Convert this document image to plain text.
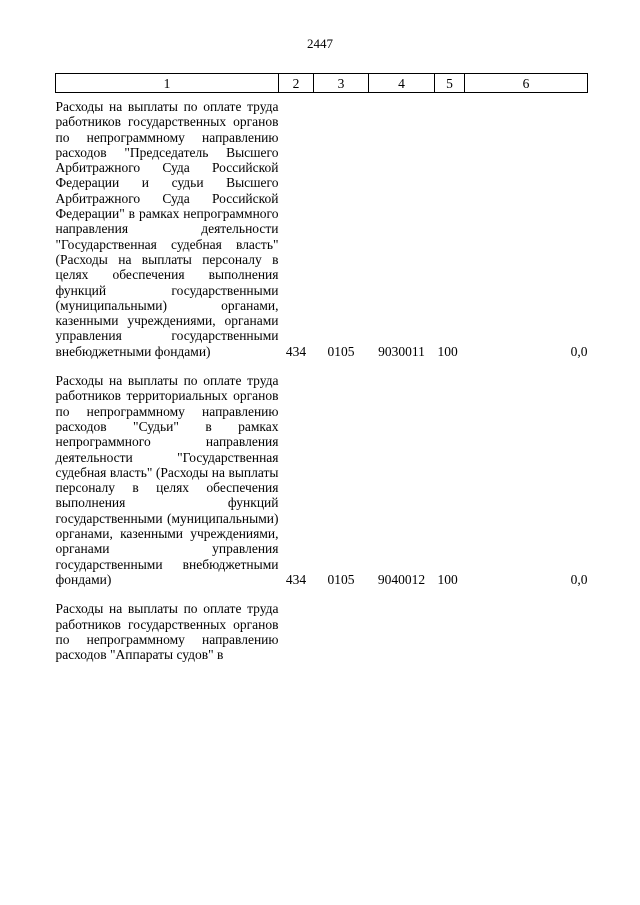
2447
1	2	3	4	5	6

Расходы на выплаты по оплате труда работников государственных органов по непрограммному направлению расходов "Председатель Высшего Арбитражного Суда Российской Федерации и судьи Высшего Арбитражного Суда Российской Федерации" в рамках непрограммного направления деятельности "Государственная судебная власть" (Расходы на выплаты персоналу в целях обеспечения выполнения функций государственными (муниципальными) органами, казенными учреждениями, органами управления государственными внебюджетными фондами)	434	0105	9030011	100	0,0

Расходы на выплаты по оплате труда работников территориальных органов по непрограммному направлению расходов "Судьи" в рамках непрограммного направления деятельности "Государственная судебная власть" (Расходы на выплаты персоналу в целях обеспечения выполнения функций государственными (муниципальными) органами, казенными учреждениями, органами управления государственными внебюджетными фондами)	434	0105	9040012	100	0,0

Расходы на выплаты по оплате труда работников государственных органов по непрограммному направлению расходов "Аппараты судов" в					
